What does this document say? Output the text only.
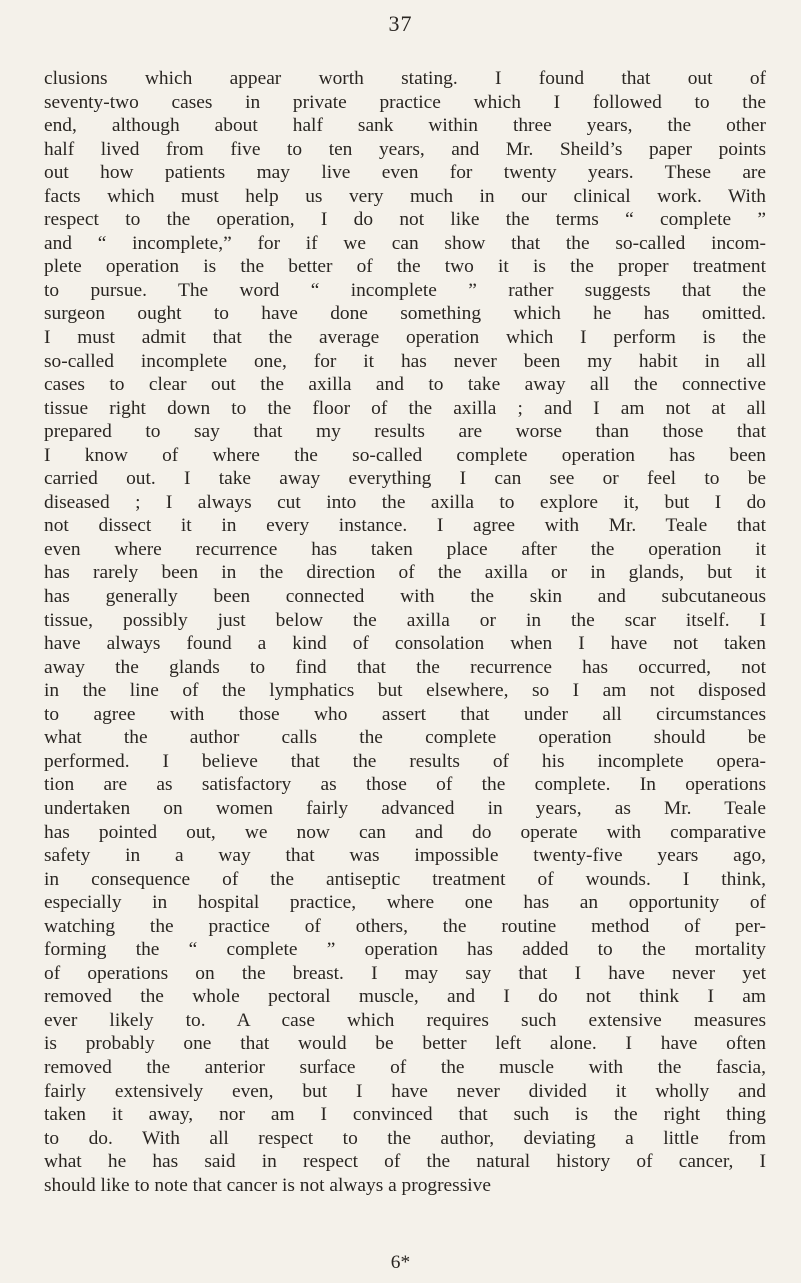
37
clusions which appear worth stating. I found that out of
seventy-two cases in private practice which I followed to the
end, although about half sank within three years, the other
half lived from five to ten years, and Mr. Sheild’s paper points
out how patients may live even for twenty years. These are
facts which must help us very much in our clinical work. With
respect to the operation, I do not like the terms “ complete ”
and “ incomplete,” for if we can show that the so-called incom-
plete operation is the better of the two it is the proper treatment
to pursue. The word “ incomplete ” rather suggests that the
surgeon ought to have done something which he has omitted.
I must admit that the average operation which I perform is the
so-called incomplete one, for it has never been my habit in all
cases to clear out the axilla and to take away all the connective
tissue right down to the floor of the axilla ; and I am not at all
prepared to say that my results are worse than those that
I know of where the so-called complete operation has been
carried out. I take away everything I can see or feel to be
diseased ; I always cut into the axilla to explore it, but I do
not dissect it in every instance. I agree with Mr. Teale that
even where recurrence has taken place after the operation it
has rarely been in the direction of the axilla or in glands, but it
has generally been connected with the skin and subcutaneous
tissue, possibly just below the axilla or in the scar itself. I
have always found a kind of consolation when I have not taken
away the glands to find that the recurrence has occurred, not
in the line of the lymphatics but elsewhere, so I am not disposed
to agree with those who assert that under all circumstances
what the author calls the complete operation should be
performed. I believe that the results of his incomplete opera-
tion are as satisfactory as those of the complete. In operations
undertaken on women fairly advanced in years, as Mr. Teale
has pointed out, we now can and do operate with comparative
safety in a way that was impossible twenty-five years ago,
in consequence of the antiseptic treatment of wounds. I think,
especially in hospital practice, where one has an opportunity of
watching the practice of others, the routine method of per-
forming the “ complete ” operation has added to the mortality
of operations on the breast. I may say that I have never yet
removed the whole pectoral muscle, and I do not think I am
ever likely to. A case which requires such extensive measures
is probably one that would be better left alone. I have often
removed the anterior surface of the muscle with the fascia,
fairly extensively even, but I have never divided it wholly and
taken it away, nor am I convinced that such is the right thing
to do. With all respect to the author, deviating a little from
what he has said in respect of the natural history of cancer, I
should like to note that cancer is not always a progressive
6*
